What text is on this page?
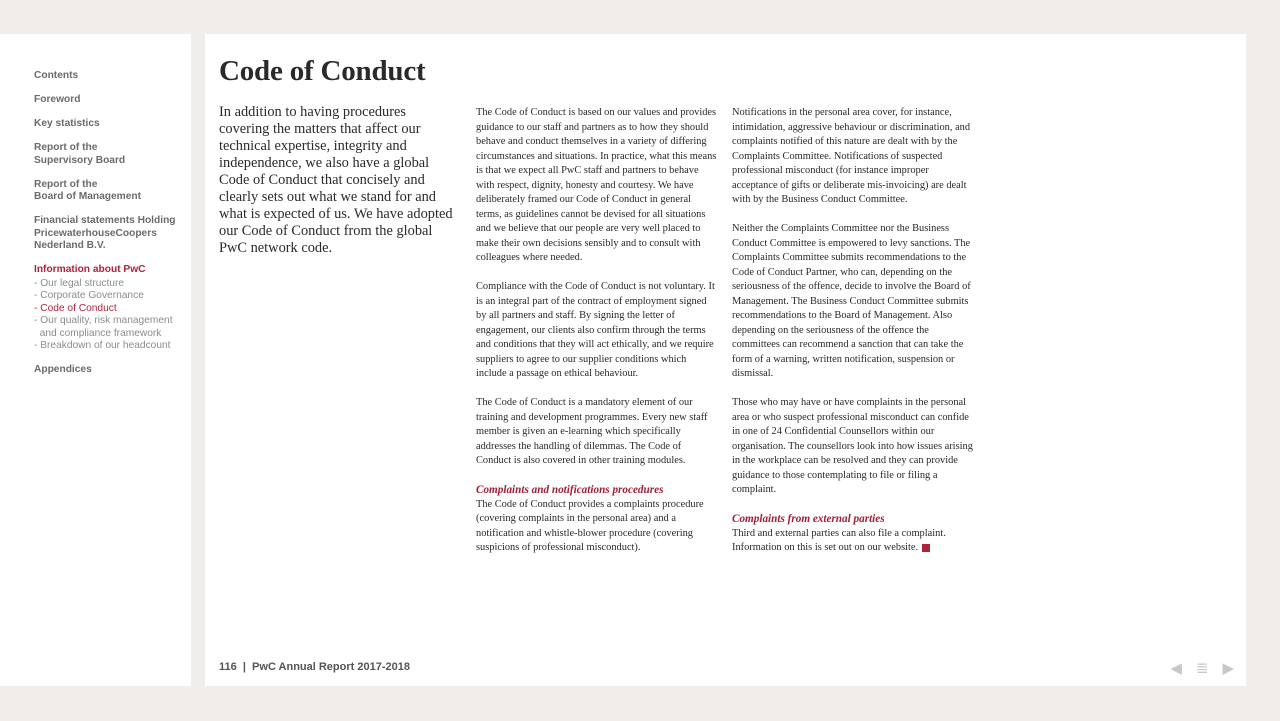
Contents
Foreword
Key statistics
Report of the
Supervisory Board
Report of the
Board of Management
Financial statements Holding
PricewaterhouseCoopers
Nederland B.V.
Information about PwC
- Our legal structure
- Corporate Governance
- Code of Conduct
- Our quality, risk management
and compliance framework
- Breakdown of our headcount
Appendices
Code of Conduct

In addition to having procedures covering the matters that affect our technical expertise, integrity and independence, we also have a global Code of Conduct that concisely and clearly sets out what we stand for and what is expected of us. We have adopted our Code of Conduct from the global PwC network code.

The Code of Conduct is based on our values and provides guidance to our staff and partners as to how they should behave and conduct themselves in a variety of differing circumstances and situations. In practice, what this means is that we expect all PwC staff and partners to behave with respect, dignity, honesty and courtesy. We have deliberately framed our Code of Conduct in general terms, as guidelines cannot be devised for all situations and we believe that our people are very well placed to make their own decisions sensibly and to consult with colleagues where needed.

Compliance with the Code of Conduct is not voluntary. It is an integral part of the contract of employment signed by all partners and staff. By signing the letter of engagement, our clients also confirm through the terms and conditions that they will act ethically, and we require suppliers to agree to our supplier conditions which include a passage on ethical behaviour.

The Code of Conduct is a mandatory element of our training and development programmes. Every new staff member is given an e-learning which specifically addresses the handling of dilemmas. The Code of Conduct is also covered in other training modules.

Complaints and notifications procedures

The Code of Conduct provides a complaints procedure (covering complaints in the personal area) and a notification and whistle-blower procedure (covering suspicions of professional misconduct).

Notifications in the personal area cover, for instance, intimidation, aggressive behaviour or discrimination, and complaints notified of this nature are dealt with by the Complaints Committee. Notifications of suspected professional misconduct (for instance improper acceptance of gifts or deliberate mis-invoicing) are dealt with by the Business Conduct Committee.

Neither the Complaints Committee nor the Business Conduct Committee is empowered to levy sanctions. The Complaints Committee submits recommendations to the Code of Conduct Partner, who can, depending on the seriousness of the offence, decide to involve the Board of Management. The Business Conduct Committee submits recommendations to the Board of Management. Also depending on the seriousness of the offence the committees can recommend a sanction that can take the form of a warning, written notification, suspension or dismissal.

Those who may have or have complaints in the personal area or who suspect professional misconduct can confide in one of 24 Confidential Counsellors within our organisation. The counsellors look into how issues arising in the workplace can be resolved and they can provide guidance to those contemplating to file or filing a complaint.

Complaints from external parties

Third and external parties can also file a complaint. Information on this is set out on our website.

116  |  PwC Annual Report 2017-2018	◀ ≣ ▶
